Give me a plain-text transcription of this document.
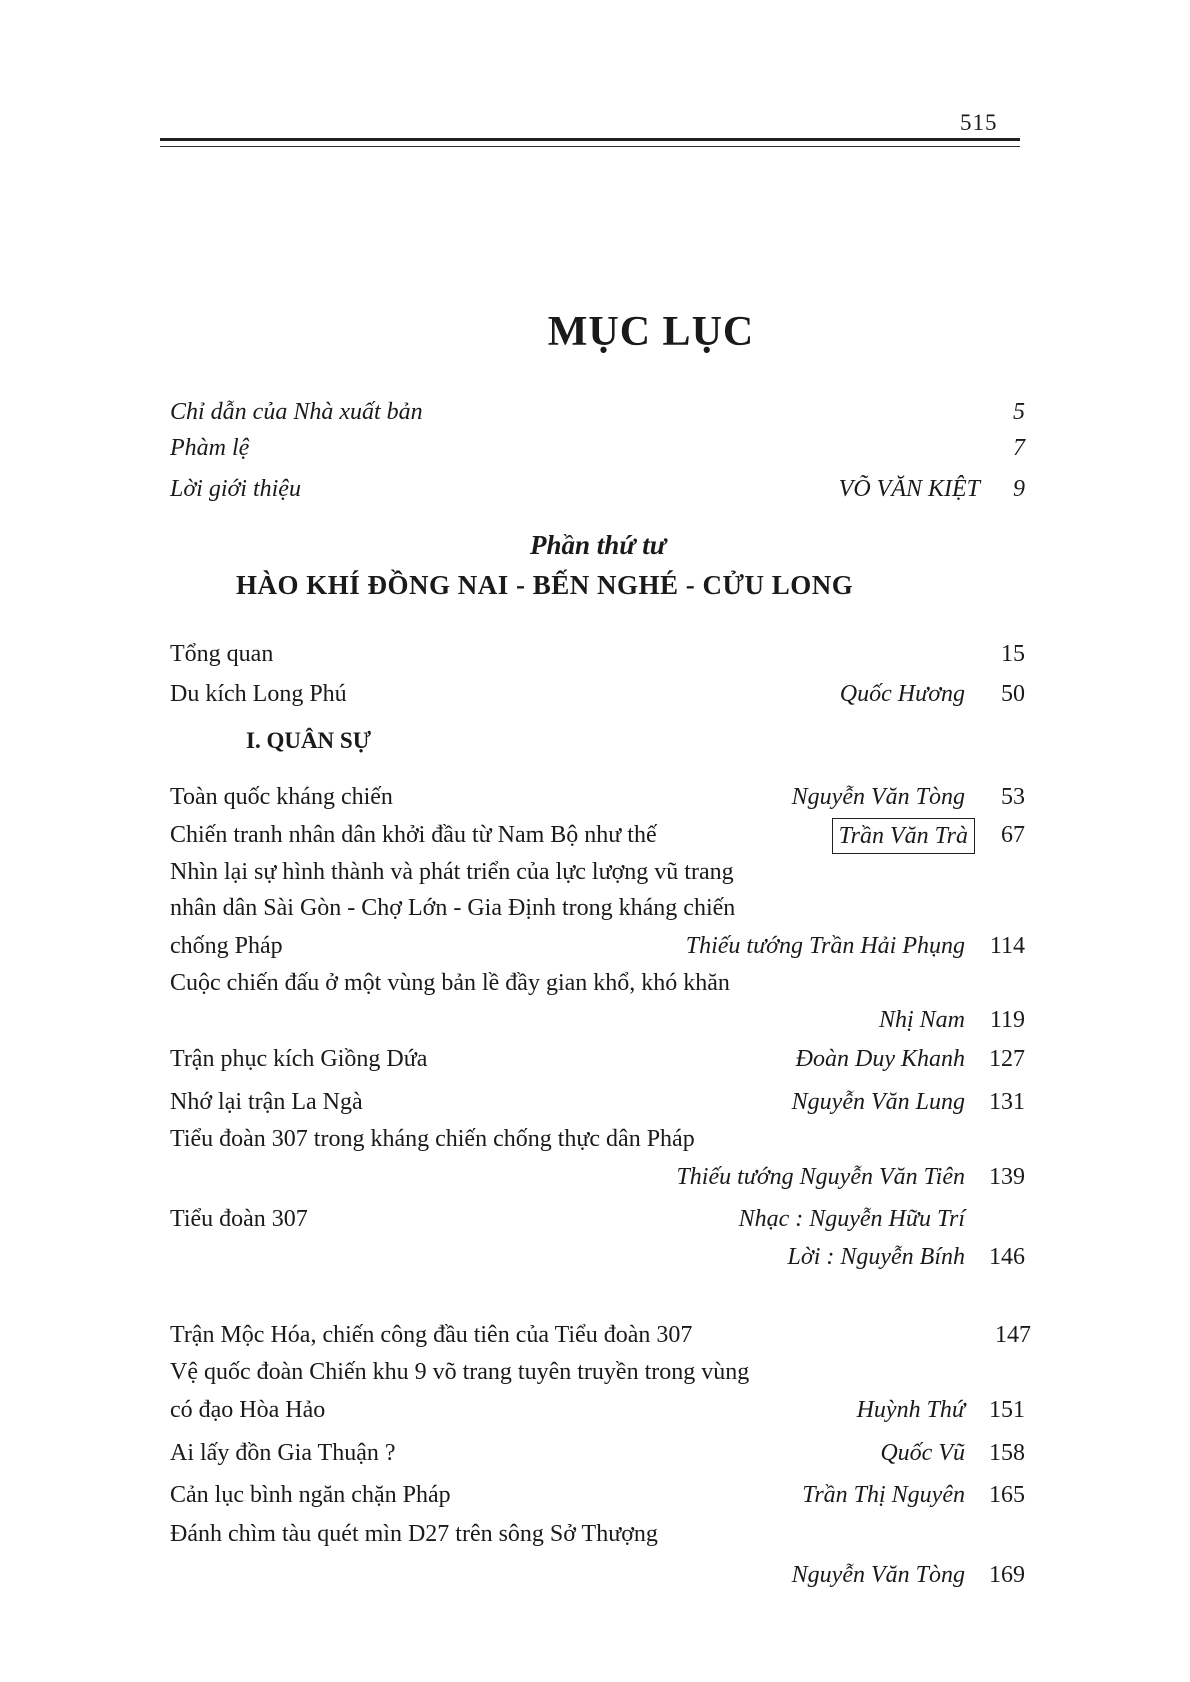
515
MỤC LỤC
Chỉ dẫn của Nhà xuất bản	5
Phàm lệ	7
Lời giới thiệu	VÕ VĂN KIỆT 9
Phần thứ tư
HÀO KHÍ ĐỒNG NAI - BẾN NGHÉ - CỬU LONG
Tổng quan	15
Du kích Long Phú	Quốc Hương 50
I. QUÂN SỰ
Toàn quốc kháng chiến	Nguyễn Văn Tòng 53
Chiến tranh nhân dân khởi đầu từ Nam Bộ như thế	Trần Văn Trà 67
Nhìn lại sự hình thành và phát triển của lực lượng vũ trang
nhân dân Sài Gòn - Chợ Lớn - Gia Định trong kháng chiến
chống Pháp	Thiếu tướng Trần Hải Phụng 114
Cuộc chiến đấu ở một vùng bản lề đầy gian khổ, khó khăn
Nhị Nam 119
Trận phục kích Giồng Dứa	Đoàn Duy Khanh 127
Nhớ lại trận La Ngà	Nguyễn Văn Lung 131
Tiểu đoàn 307 trong kháng chiến chống thực dân Pháp
Thiếu tướng Nguyễn Văn Tiên 139
Tiểu đoàn 307	Nhạc : Nguyễn Hữu Trí
Lời : Nguyễn Bính 146
Trận Mộc Hóa, chiến công đầu tiên của Tiểu đoàn 307	147
Vệ quốc đoàn Chiến khu 9 võ trang tuyên truyền trong vùng
có đạo Hòa Hảo	Huỳnh Thứ 151
Ai lấy đồn Gia Thuận ?	Quốc Vũ 158
Cản lục bình ngăn chặn Pháp	Trần Thị Nguyên 165
Đánh chìm tàu quét mìn D27 trên sông Sở Thượng
Nguyễn Văn Tòng 169
